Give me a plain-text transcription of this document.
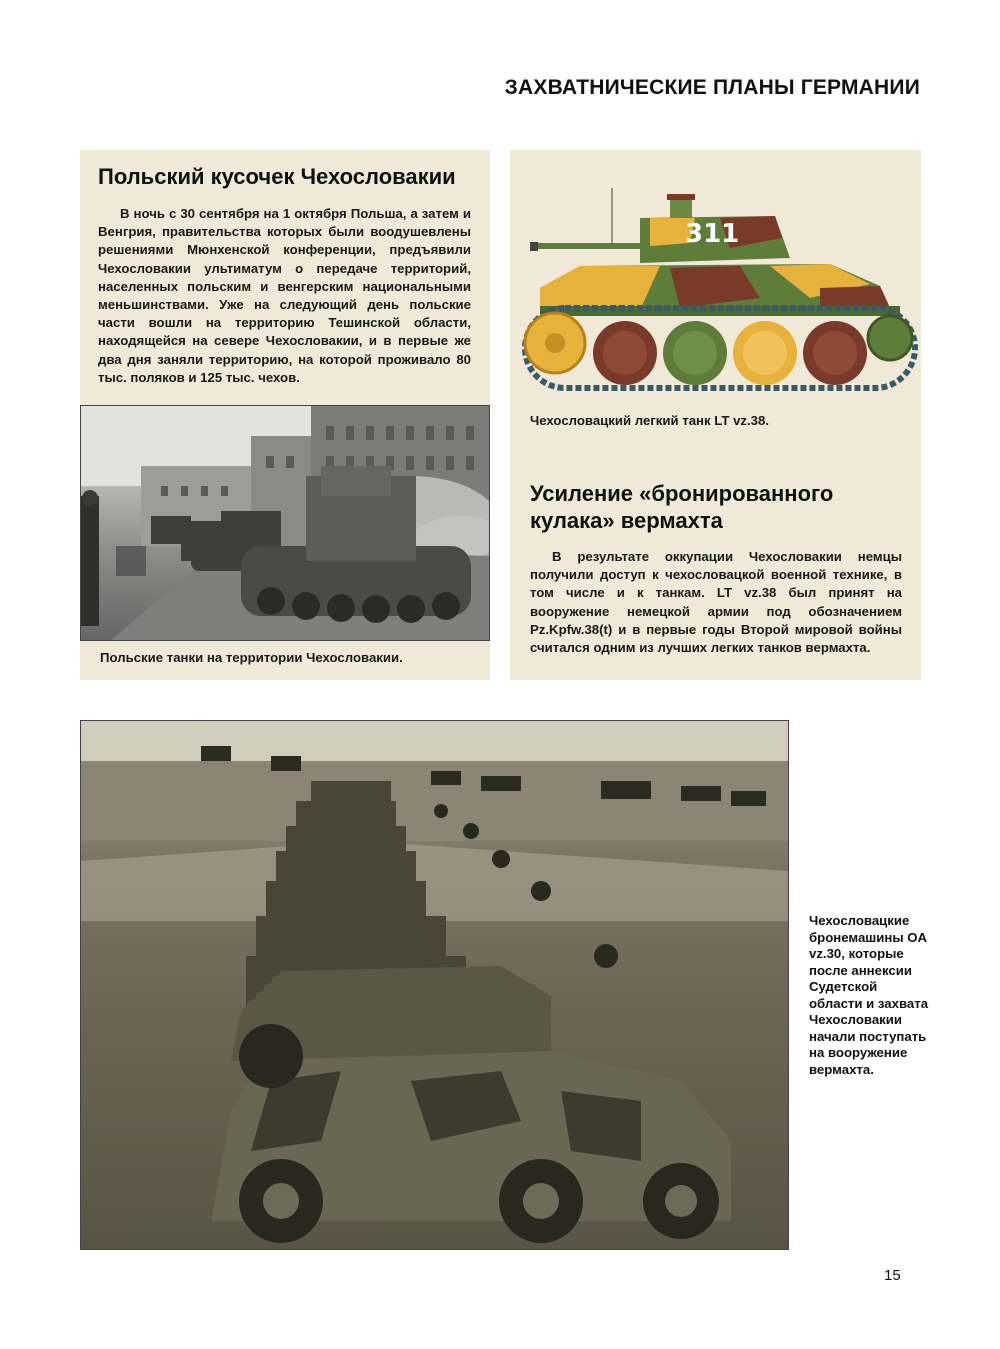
ЗАХВАТНИЧЕСКИЕ ПЛАНЫ ГЕРМАНИИ
Польский кусочек Чехословакии
В ночь с 30 сентября на 1 октября Польша, а затем и Венгрия, правительства которых были воодушевлены решениями Мюнхенской конференции, предъявили Чехословакии ультиматум о передаче территорий, населенных польским и венгерским национальными меньшинствами. Уже на следующий день польские части вошли на территорию Тешинской области, находящейся на севере Чехословакии, и в первые же два дня заняли территорию, на которой проживало 80 тыс. поляков и 125 тыс. чехов.
Польские танки на территории Чехословакии.
311
Чехословацкий легкий танк LT vz.38.
Усиление «бронированного кулака» вермахта
В результате оккупации Чехословакии немцы получили доступ к чехословацкой военной технике, в том числе и к танкам. LT vz.38 был принят на вооружение немецкой армии под обозначением Pz.Kpfw.38(t) и в первые годы Второй мировой войны считался одним из лучших легких танков вермахта.
Чехословацкие бронемашины OA vz.30, которые после аннексии Судетской области и захвата Чехословакии начали поступать на вооружение вермахта.
15
